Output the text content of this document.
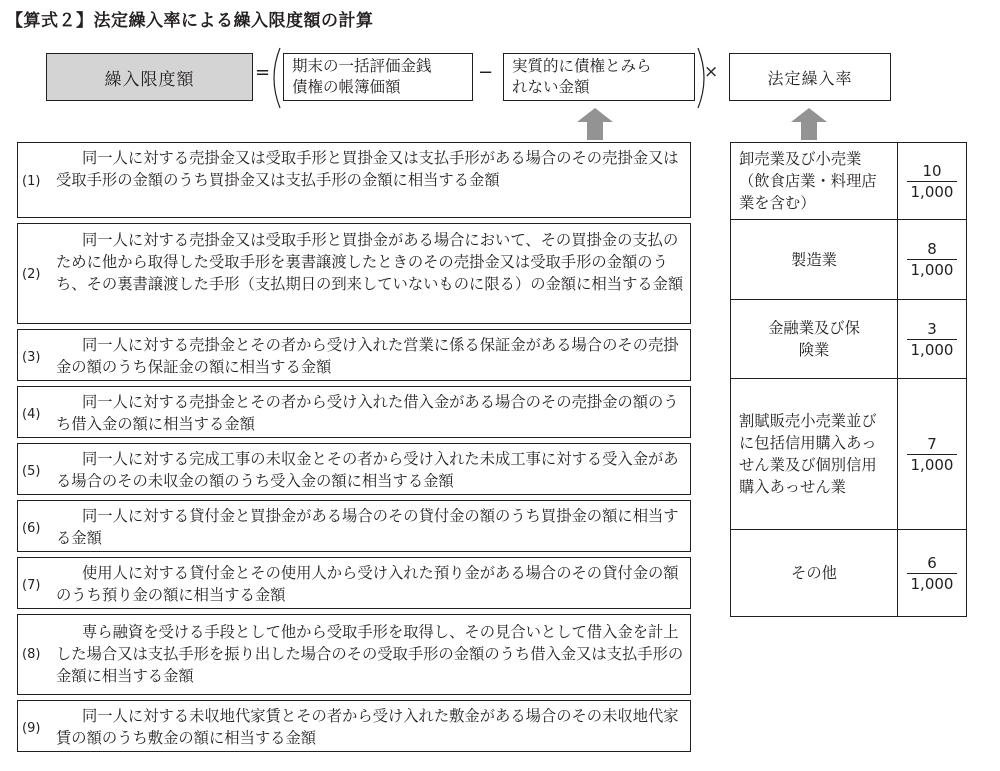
【算式２】法定繰入率による繰入限度額の計算
繰入限度額	= 期末の一括評価金銭
債権の帳簿価額
− 実質的に債権とみら
れない金額
×	法定繰入率
(1)
同一人に対する売掛金又は受取手形と買掛金又は支払手形がある場合のその売掛金又は受取手形の金額のうち買掛金又は支払手形の金額に相当する金額
(2)
同一人に対する売掛金又は受取手形と買掛金がある場合において、その買掛金の支払のために他から取得した受取手形を裏書譲渡したときのその売掛金又は受取手形の金額のうち、その裏書譲渡した手形（支払期日の到来していないものに限る）の金額に相当する金額
(3)
同一人に対する売掛金とその者から受け入れた営業に係る保証金がある場合のその売掛金の額のうち保証金の額に相当する金額
(4)
同一人に対する売掛金とその者から受け入れた借入金がある場合のその売掛金の額のうち借入金の額に相当する金額
(5)
同一人に対する完成工事の未収金とその者から受け入れた未成工事に対する受入金がある場合のその未収金の額のうち受入金の額に相当する金額
(6)
同一人に対する貸付金と買掛金がある場合のその貸付金の額のうち買掛金の額に相当する金額
(7)
使用人に対する貸付金とその使用人から受け入れた預り金がある場合のその貸付金の額のうち預り金の額に相当する金額
(8)
専ら融資を受ける手段として他から受取手形を取得し、その見合いとして借入金を計上した場合又は支払手形を振り出した場合のその受取手形の金額のうち借入金又は支払手形の金額に相当する金額
(9)
同一人に対する未収地代家賃とその者から受け入れた敷金がある場合のその未収地代家賃の額のうち敷金の額に相当する金額
卸売業及び小売業（飲食店業・料理店業を含む）
$\frac{10}{1,000}$
製造業	$\frac{8}{1,000}$
金融業及び保険業	$\frac{3}{1,000}$
割賦販売小売業並びに包括信用購入あっせん業及び個別信用購入あっせん業
$\frac{7}{1,000}$
その他	$\frac{6}{1,000}$
